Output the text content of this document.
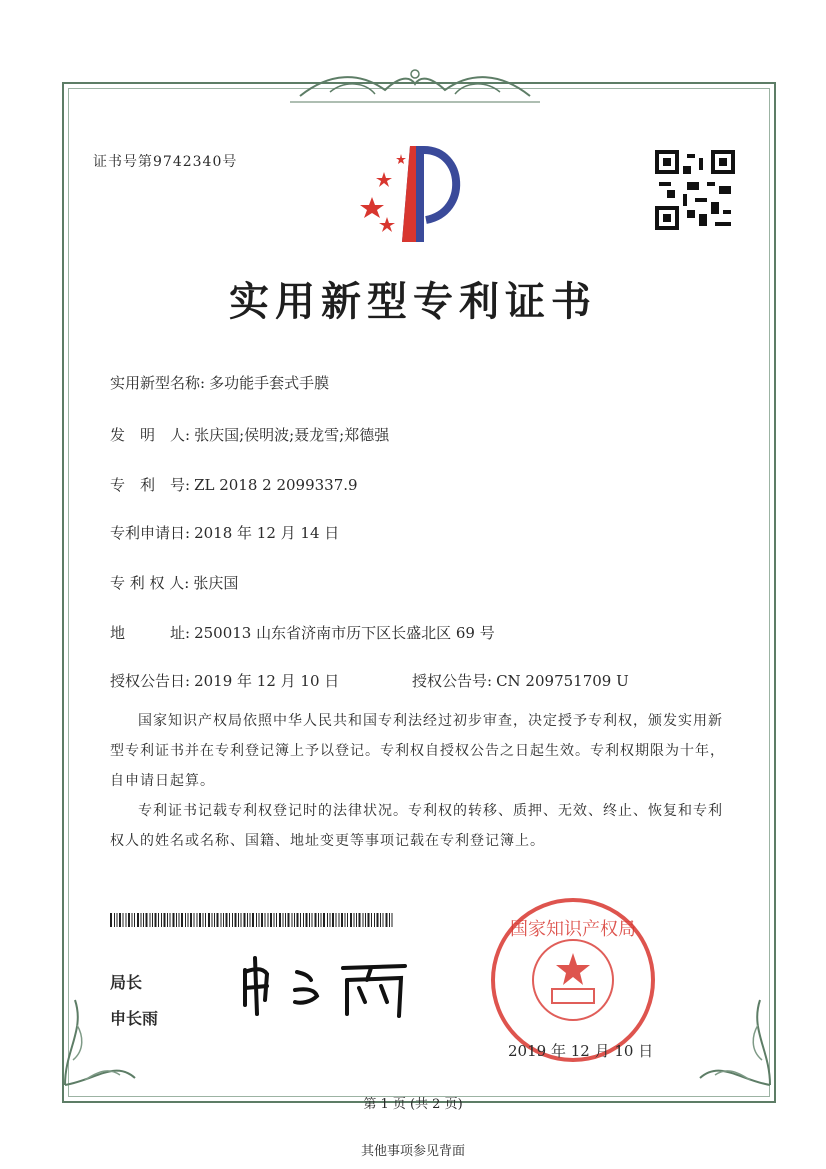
证书号第9742340号
实用新型专利证书
实用新型名称: 多功能手套式手膜
发　明　人: 张庆国;侯明波;聂龙雪;郑德强
专　利　号: ZL 2018 2 2099337.9
专利申请日: 2018 年 12 月 14 日
专 利 权 人: 张庆国
地　　　址: 250013 山东省济南市历下区长盛北区 69 号
授权公告日: 2019 年 12 月 10 日	授权公告号: CN 209751709 U
国家知识产权局依照中华人民共和国专利法经过初步审查，决定授予专利权，颁发实用新型专利证书并在专利登记簿上予以登记。专利权自授权公告之日起生效。专利权期限为十年，自申请日起算。
专利证书记载专利权登记时的法律状况。专利权的转移、质押、无效、终止、恢复和专利权人的姓名或名称、国籍、地址变更等事项记载在专利登记簿上。
局长
申长雨
国家知识产权局
2019 年 12 月 10 日
第 1 页 (共 2 页)
其他事项参见背面
